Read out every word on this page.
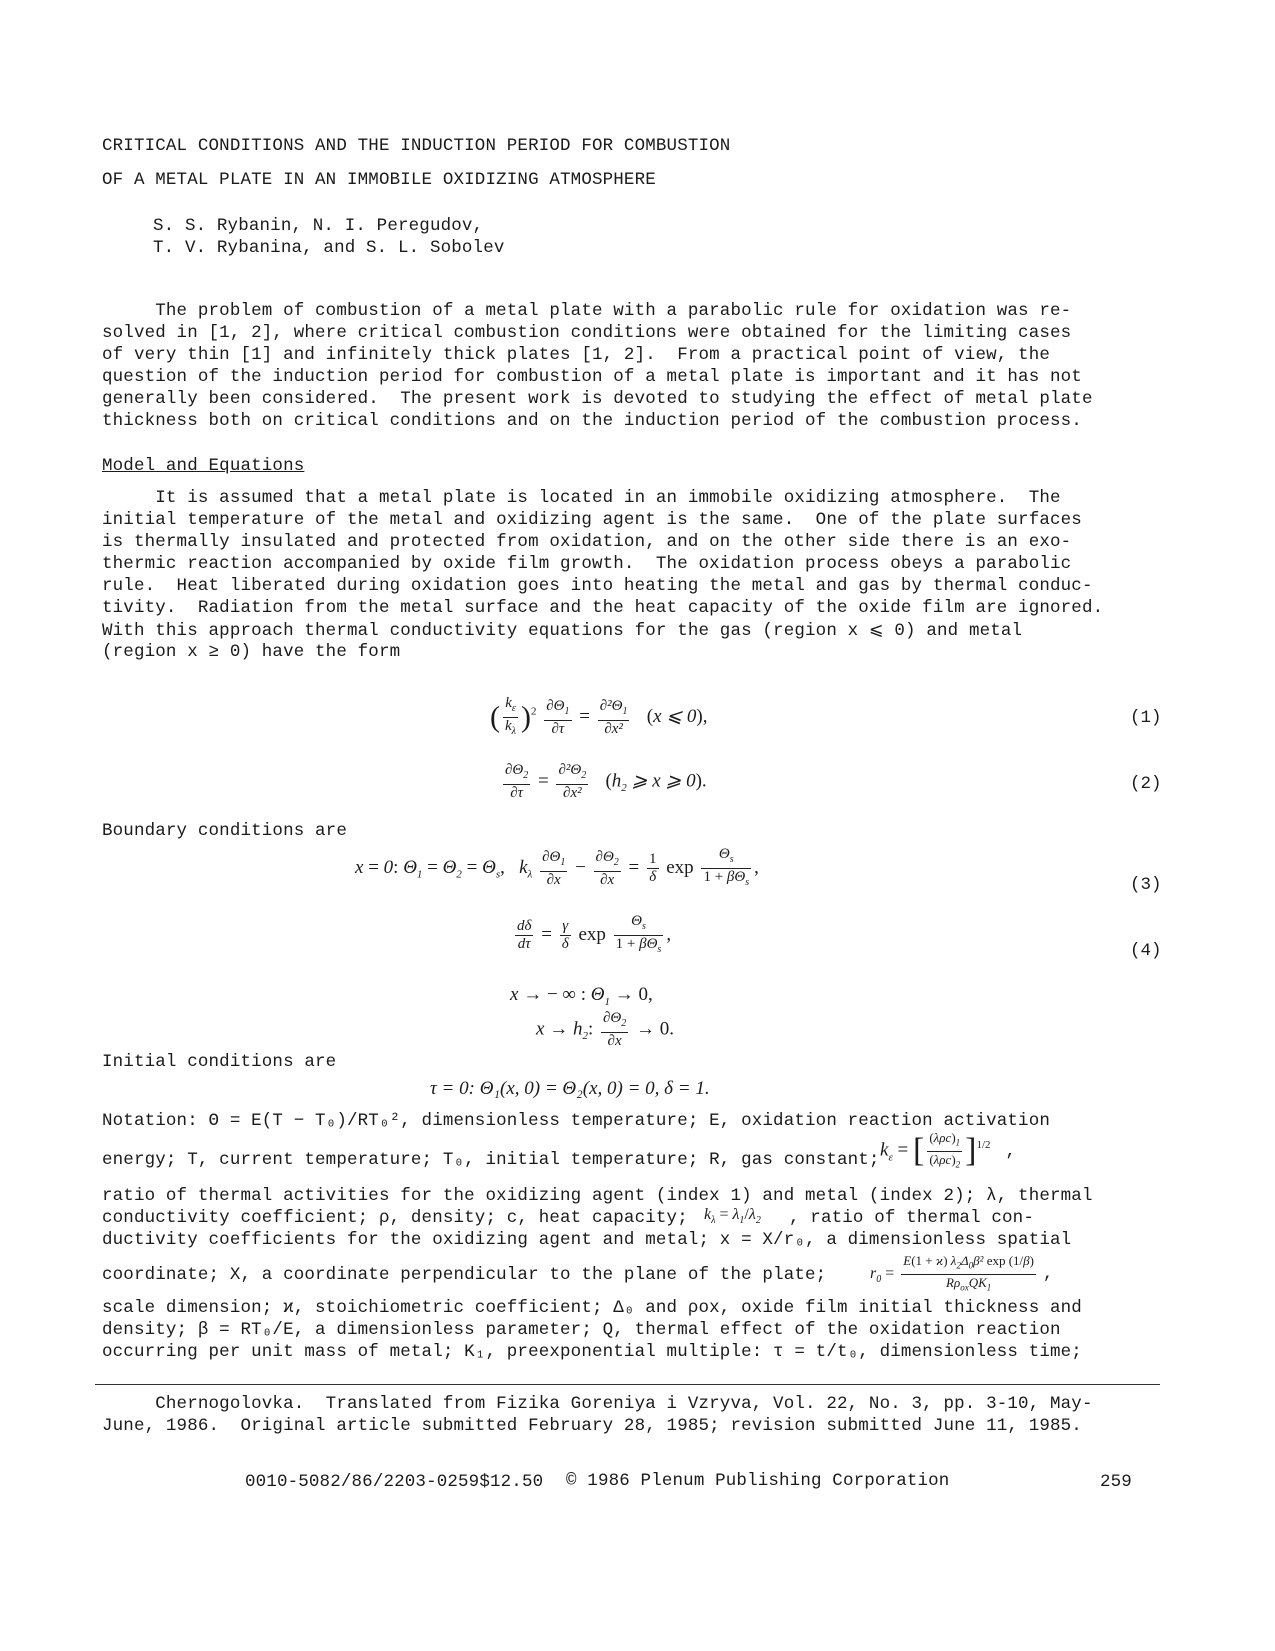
CRITICAL CONDITIONS AND THE INDUCTION PERIOD FOR COMBUSTION
OF A METAL PLATE IN AN IMMOBILE OXIDIZING ATMOSPHERE
S. S. Rybanin, N. I. Peregudov,
T. V. Rybanina, and S. L. Sobolev
The problem of combustion of a metal plate with a parabolic rule for oxidation was re-
solved in [1, 2], where critical combustion conditions were obtained for the limiting cases
of very thin [1] and infinitely thick plates [1, 2].  From a practical point of view, the
question of the induction period for combustion of a metal plate is important and it has not
generally been considered.  The present work is devoted to studying the effect of metal plate
thickness both on critical conditions and on the induction period of the combustion process.
Model and Equations
It is assumed that a metal plate is located in an immobile oxidizing atmosphere.  The
initial temperature of the metal and oxidizing agent is the same.  One of the plate surfaces
is thermally insulated and protected from oxidation, and on the other side there is an exo-
thermic reaction accompanied by oxide film growth.  The oxidation process obeys a parabolic
rule.  Heat liberated during oxidation goes into heating the metal and gas by thermal conduc-
tivity.  Radiation from the metal surface and the heat capacity of the oxide film are ignored.
With this approach thermal conductivity equations for the gas (region x ⩽ 0) and metal
(region x ≥ 0) have the form
( $\frac{k_\varepsilon}{k_\lambda} )^2 \frac{\partial\Theta_1}{\partial\tau} = \frac{\partial^2\Theta_1}{\text{∂x²}} (x$ ⩽ 0),	(1)
$\frac{\partial\Theta_2}{\partial\tau} = \frac{\partial^2\Theta_2}{\text{∂x²}} (h_2$ ⩾ x ⩾ 0).	(2)
Boundary conditions are
x = 0: $\Theta_1 = \Theta_2 = \Theta_s$,   $k_\lambda \frac{\partial\Theta_1}{\partial x} - \frac{\partial\Theta_2}{\partial x} = \frac{1}{\delta}$ $\exp \frac{\Theta_s}{1 + \beta\Theta_s}$ ,
(3)
$\frac{d\delta}{d\tau} = \frac{\gamma}{\delta}$ $\exp \frac{\Theta_s}{1 + \beta\Theta_s}$ ,
(4)
x → − ∞ : $\Theta_1 \to 0$,
$x \to h_2$: $\frac{\partial\Theta_2}{\partial x} \to 0$.
Initial conditions are
τ = 0: Θ₁(x, 0) = Θ₂(x, 0) = 0, δ = 1.
Notation: Θ = E(T − T₀)/RT₀², dimensionless temperature; E, oxidation reaction activation
energy; T, current temperature; T₀, initial temperature; R, gas constant; $k_\varepsilon$ = [ $\frac{(\lambda\rho c)_1}{(\lambda\rho c)_2} ]^{1/2}$  ,
ratio of thermal activities for the oxidizing agent (index 1) and metal (index 2); λ, thermal
conductivity coefficient; ρ, density; c, heat capacity; $k_\lambda = \lambda_1/\lambda_2$ , ratio of thermal con-
ductivity coefficients for the oxidizing agent and metal; x = X/r₀, a dimensionless spatial
coordinate; X, a coordinate perpendicular to the plane of the plate;	$r_0 = \frac{E(1 + ϰ) \lambda_2\Delta_0\beta^2 \exp (1/\beta)}{R\rho_{ox}QK_1}$ ,
scale dimension; ϰ, stoichiometric coefficient; Δ₀ and ρox, oxide film initial thickness and
density; β = RT₀/E, a dimensionless parameter; Q, thermal effect of the oxidation reaction
occurring per unit mass of metal; K₁, preexponential multiple: τ = t/t₀, dimensionless time;
Chernogolovka.  Translated from Fizika Goreniya i Vzryva, Vol. 22, No. 3, pp. 3-10, May-
June, 1986.  Original article submitted February 28, 1985; revision submitted June 11, 1985.
0010-5082/86/2203-0259$12.50 © 1986 Plenum Publishing Corporation	259
